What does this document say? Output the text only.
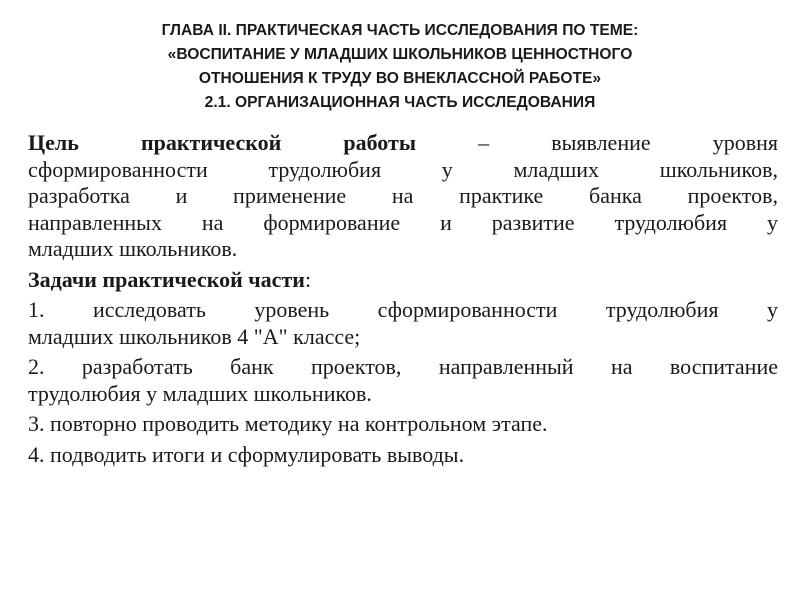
ГЛАВА II. ПРАКТИЧЕСКАЯ ЧАСТЬ ИССЛЕДОВАНИЯ ПО ТЕМЕ:
«ВОСПИТАНИЕ У МЛАДШИХ ШКОЛЬНИКОВ ЦЕННОСТНОГО
ОТНОШЕНИЯ К ТРУДУ ВО ВНЕКЛАССНОЙ РАБОТЕ»
2.1. ОРГАНИЗАЦИОННАЯ ЧАСТЬ ИССЛЕДОВАНИЯ
Цель практической работы – выявление уровня
сформированности трудолюбия у младших школьников,
разработка и применение на практике банка проектов,
направленных на формирование и развитие трудолюбия у
младших школьников.
Задачи практической части:
1. исследовать уровень сформированности трудолюбия у
младших школьников 4 "А" классе;
2. разработать банк проектов, направленный на воспитание
трудолюбия у младших школьников.
3. повторно проводить методику на контрольном этапе.
4. подводить итоги и сформулировать выводы.
